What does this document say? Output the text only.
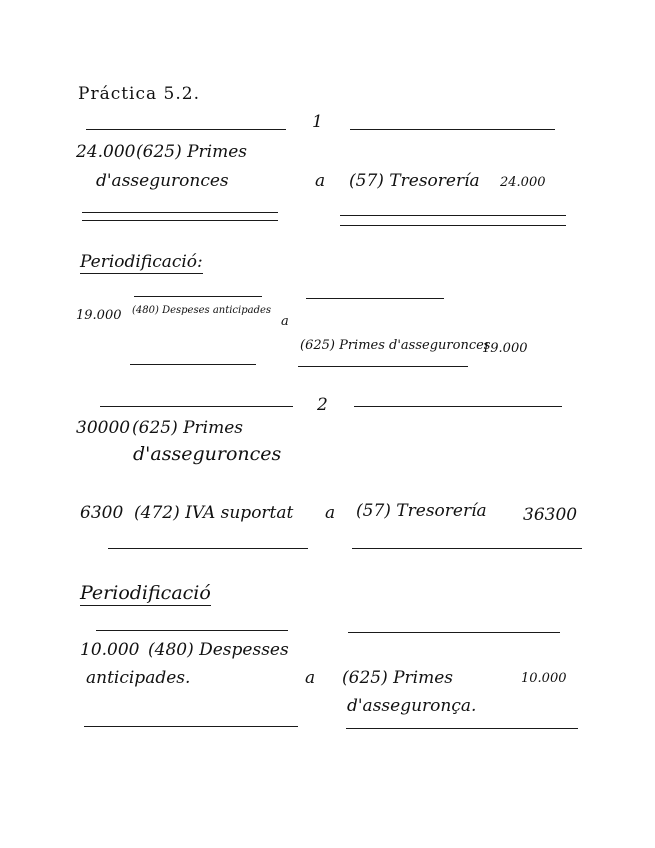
Práctica 5.2.
1
24.000 (625) Primes
d'asseguronces	a (57) Tresorería 24.000
Periodificació:
19.000 (480) Despeses anticipades
a
(625) Primes d'asseguronces
19.000
2
30000 (625) Primes
d'asseguronces
6300 (472) IVA suportat a (57) Tresorería 36300
Periodificació
10.000 (480) Despesses
anticipades.	a (625) Primes
d'asseguronça.
10.000
